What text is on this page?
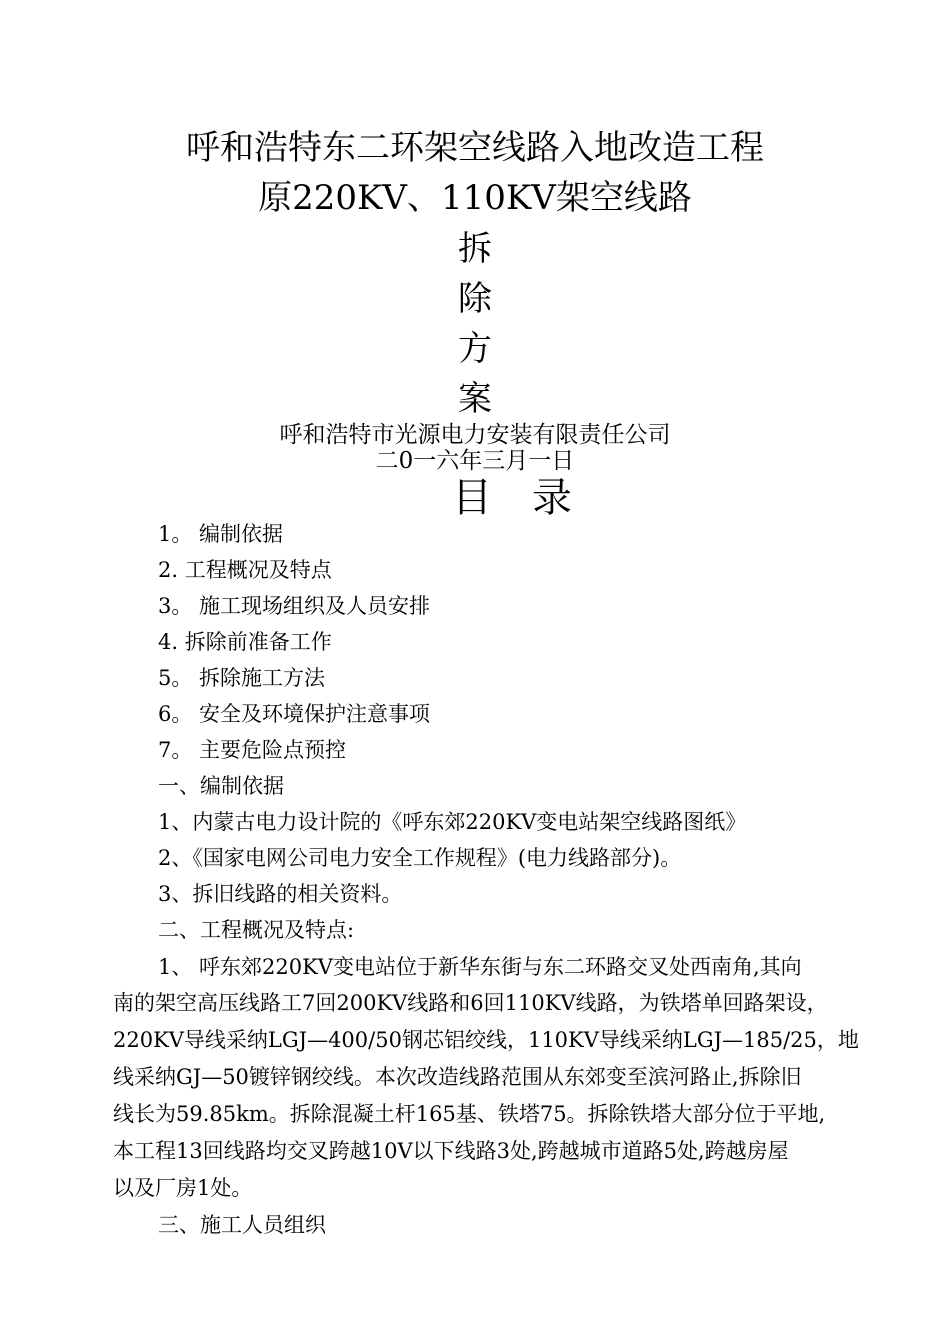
呼和浩特东二环架空线路入地改造工程
原220KV、110KV架空线路
拆
除
方
案
呼和浩特市光源电力安装有限责任公司
二0一六年三月一日
目 录
1。 编制依据
2. 工程概况及特点
3。 施工现场组织及人员安排
4. 拆除前准备工作
5。 拆除施工方法
6。 安全及环境保护注意事项
7。 主要危险点预控
一、编制依据
1、内蒙古电力设计院的《呼东郊220KV变电站架空线路图纸》
2、《国家电网公司电力安全工作规程》(电力线路部分)。
3、拆旧线路的相关资料。
二、工程概况及特点:
1、 呼东郊220KV变电站位于新华东街与东二环路交叉处西南角,其向
南的架空高压线路工7回200KV线路和6回110KV线路，为铁塔单回路架设，
220KV导线采纳LGJ—400/50钢芯铝绞线，110KV导线采纳LGJ—185/25，地
线采纳GJ—50镀锌钢绞线。本次改造线路范围从东郊变至滨河路止,拆除旧
线长为59.85km。拆除混凝土杆165基、铁塔75。拆除铁塔大部分位于平地,
本工程13回线路均交叉跨越10V以下线路3处,跨越城市道路5处,跨越房屋
以及厂房1处。
三、施工人员组织
